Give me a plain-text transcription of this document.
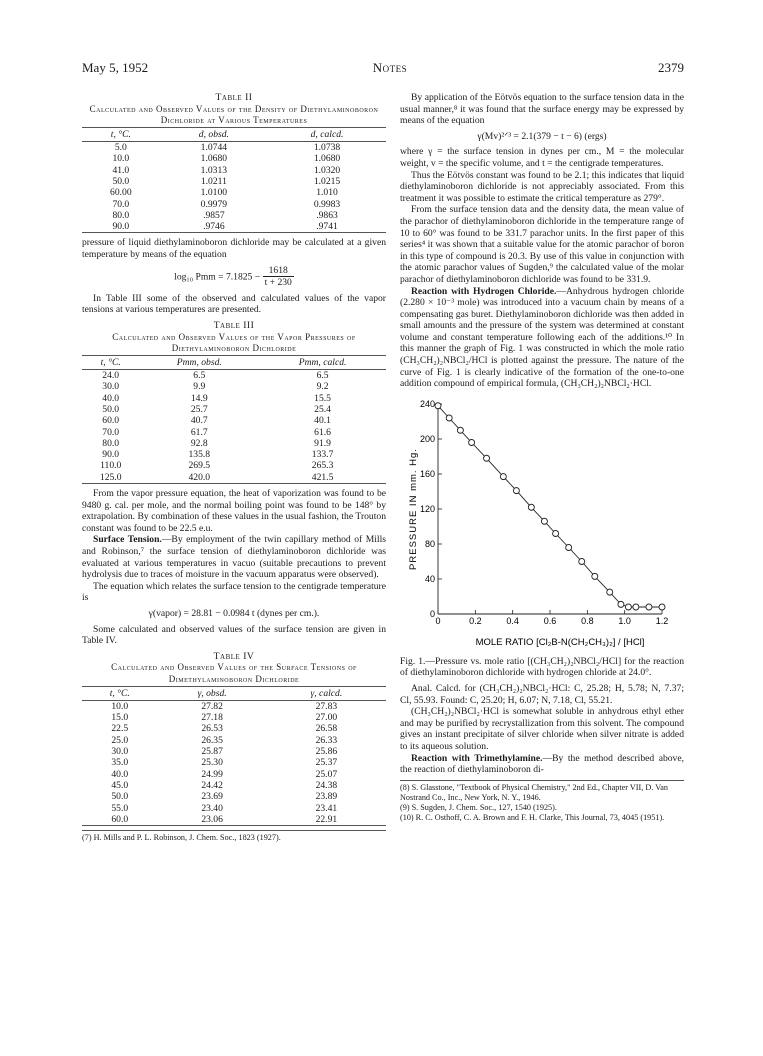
May 5, 1952	Notes	2379

Table II

Calculated and Observed Values of the Density of Diethylaminoboron Dichloride at Various Temperatures

t, °C.	d, obsd.	d, calcd.
5.0	1.0744	1.0738
10.0	1.0680	1.0680
41.0	1.0313	1.0320
50.0	1.0211	1.0215
60.00	1.0100	1.010
70.0	0.9979	0.9983
80.0	.9857	.9863
90.0	.9746	.9741

pressure of liquid diethylaminoboron dichloride may be calculated at a given temperature by means of the equation

log₁₀ Pmm = $7.1825 - \frac{1618}{t + 230}$

In Table III some of the observed and calculated values of the vapor tensions at various temperatures are presented.

Table III

Calculated and Observed Values of the Vapor Pressures of Diethylaminoboron Dichloride

t, °C.	Pmm, obsd.	Pmm, calcd.
24.0	6.5	6.5
30.0	9.9	9.2
40.0	14.9	15.5
50.0	25.7	25.4
60.0	40.7	40.1
70.0	61.7	61.6
80.0	92.8	91.9
90.0	135.8	133.7
110.0	269.5	265.3
125.0	420.0	421.5

From the vapor pressure equation, the heat of vaporization was found to be 9480 g. cal. per mole, and the normal boiling point was found to be 148° by extrapolation. By combination of these values in the usual fashion, the Trouton constant was found to be 22.5 e.u.

Surface Tension.—By employment of the twin capillary method of Mills and Robinson,⁷ the surface tension of diethylaminoboron dichloride was evaluated at various temperatures in vacuo (suitable precautions to prevent hydrolysis due to traces of moisture in the vacuum apparatus were observed).

The equation which relates the surface tension to the centigrade temperature is

γ(vapor) = 28.81 − 0.0984 t (dynes per cm.).

Some calculated and observed values of the surface tension are given in Table IV.

Table IV

Calculated and Observed Values of the Surface Tensions of Dimethylaminoboron Dichloride

t, °C.	γ, obsd.	γ, calcd.
10.0	27.82	27.83
15.0	27.18	27.00
22.5	26.53	26.58
25.0	26.35	26.33
30.0	25.87	25.86
35.0	25.30	25.37
40.0	24.99	25.07
45.0	24.42	24.38
50.0	23.69	23.89
55.0	23.40	23.41
60.0	23.06	22.91

(7) H. Mills and P. L. Robinson, J. Chem. Soc., 1823 (1927).

By application of the Eötvös equation to the surface tension data in the usual manner,⁸ it was found that the surface energy may be expressed by means of the equation

γ(Mv)²ᐟ³ = 2.1(379 − t − 6) (ergs)

where γ = the surface tension in dynes per cm., M = the molecular weight, v = the specific volume, and t = the centigrade temperatures.

Thus the Eötvös constant was found to be 2.1; this indicates that liquid diethylaminoboron dichloride is not appreciably associated. From this treatment it was possible to estimate the critical temperature as 279°.

From the surface tension data and the density data, the mean value of the parachor of diethylaminoboron dichloride in the temperature range of 10 to 60° was found to be 331.7 parachor units. In the first paper of this series⁴ it was shown that a suitable value for the atomic parachor of boron in this type of compound is 20.3. By use of this value in conjunction with the atomic parachor values of Sugden,⁹ the calculated value of the molar parachor of diethylaminoboron dichloride was found to be 331.9.

Reaction with Hydrogen Chloride.—Anhydrous hydrogen chloride (2.280 × 10⁻³ mole) was introduced into a vacuum chain by means of a compensating gas buret. Diethylaminoboron dichloride was then added in small amounts and the pressure of the system was determined at constant volume and constant temperature following each of the additions.¹⁰ In this manner the graph of Fig. 1 was constructed in which the mole ratio (CH₃CH₂)₂NBCl₂/HCl is plotted against the pressure. The nature of the curve of Fig. 1 is clearly indicative of the formation of the one-to-one addition compound of empirical formula, (CH₃CH₂)₂NBCl₂·HCl.

0
40
80
120
160
200
240
0	0.2	0.4	0.6	0.8	1.0	1.2
PRESSURE IN mm. Hg.
MOLE RATIO [Cl₂B-N(CH₂CH₃)₂] / [HCl]

Fig. 1.—Pressure vs. mole ratio [(CH₃CH₂)₂NBCl₂/HCl] for the reaction of diethylaminoboron dichloride with hydrogen chloride at 24.0°.

Anal. Calcd. for (CH₃CH₂)₂NBCl₂·HCl: C, 25.28; H, 5.78; N, 7.37; Cl, 55.93. Found: C, 25.20; H, 6.07; N, 7.18, Cl, 55.21.

(CH₃CH₂)₂NBCl₂·HCl is somewhat soluble in anhydrous ethyl ether and may be purified by recrystallization from this solvent. The compound gives an instant precipitate of silver chloride when silver nitrate is added to its aqueous solution.

Reaction with Trimethylamine.—By the method described above, the reaction of diethylaminoboron di-

(8) S. Glasstone, "Textbook of Physical Chemistry," 2nd Ed., Chapter VII, D. Van Nostrand Co., Inc., New York, N. Y., 1946.

(9) S. Sugden, J. Chem. Soc., 127, 1540 (1925).

(10) R. C. Osthoff, C. A. Brown and F. H. Clarke, This Journal, 73, 4045 (1951).
